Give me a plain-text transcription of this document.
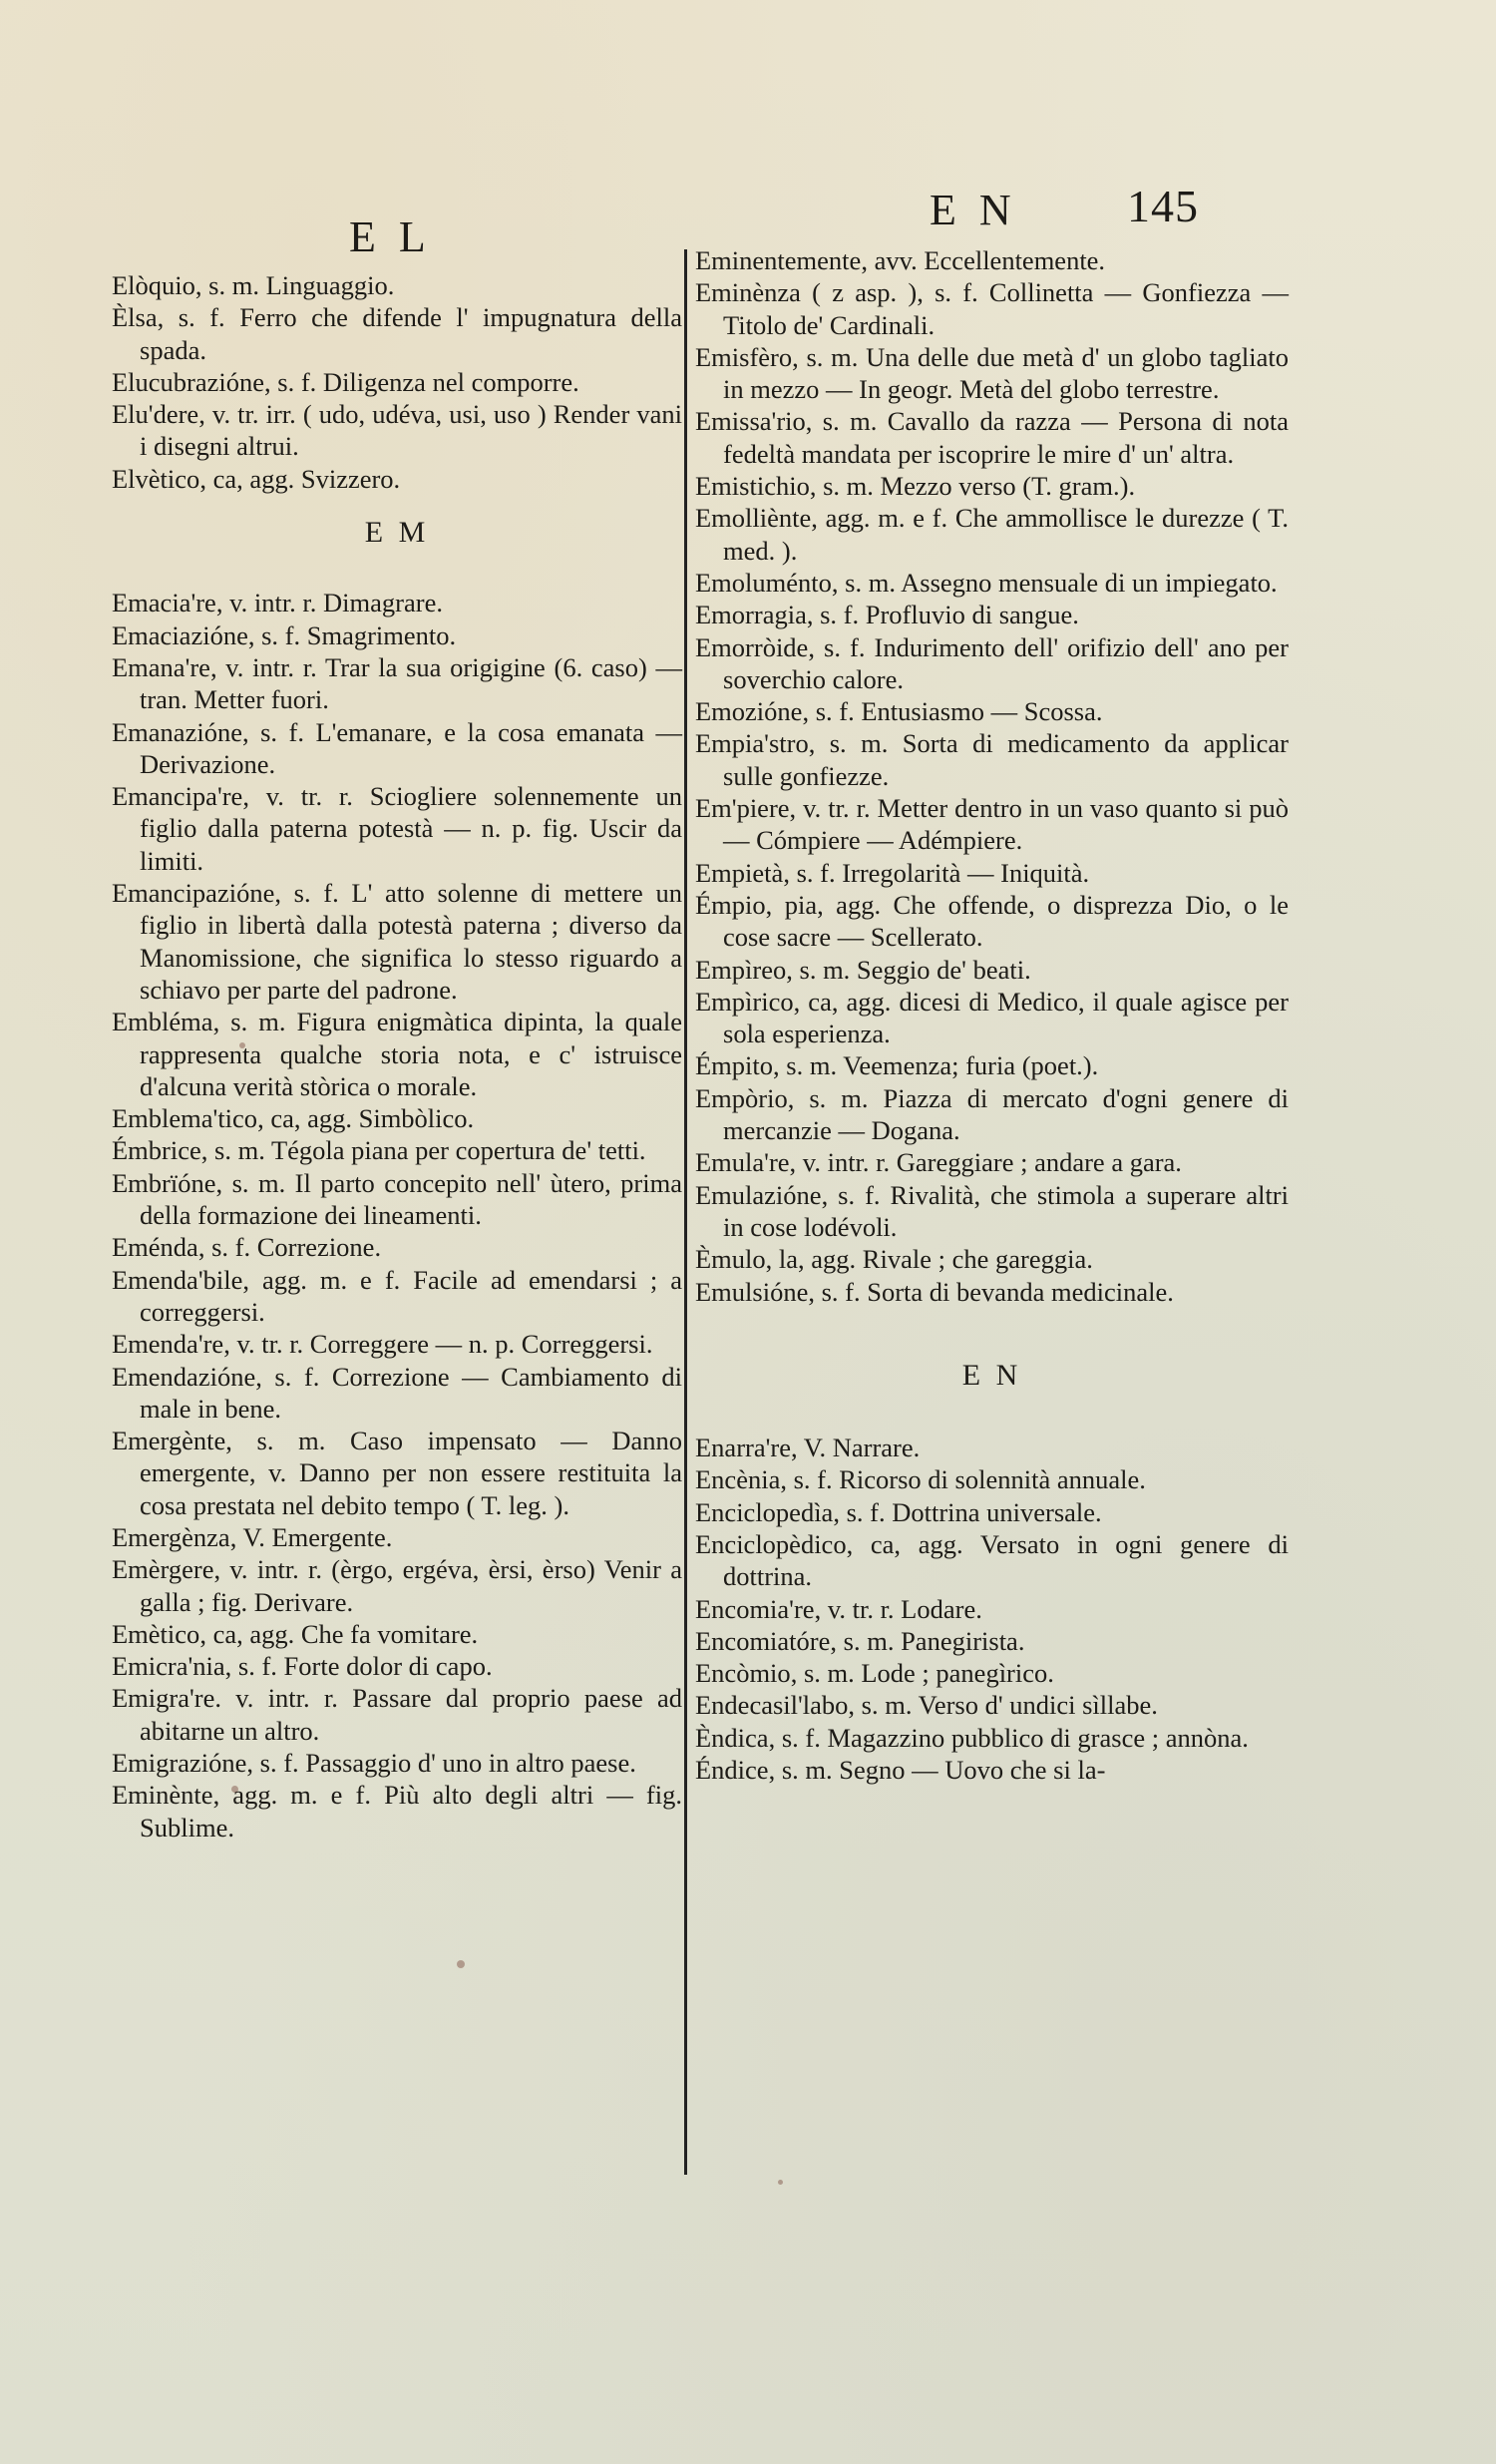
E L
E N 145

Elòquio, s. m. Linguaggio.

Èlsa, s. f. Ferro che difende l' impugnatura della spada.

Elucubrazióne, s. f. Diligenza nel comporre.

Elu'dere, v. tr. irr. ( udo, udéva, usi, uso ) Render vani i disegni altrui.

Elvètico, ca, agg. Svizzero.

E M

Emacia're, v. intr. r. Dimagrare.

Emaciazióne, s. f. Smagrimento.

Emana're, v. intr. r. Trar la sua origigine (6. caso) — tran. Metter fuori.

Emanazióne, s. f. L'emanare, e la cosa emanata — Derivazione.

Emancipa're, v. tr. r. Sciogliere solennemente un figlio dalla paterna potestà — n. p. fig. Uscir da limiti.

Emancipazióne, s. f. L' atto solenne di mettere un figlio in libertà dalla potestà paterna ; diverso da Manomissione, che significa lo stesso riguardo a schiavo per parte del padrone.

Embléma, s. m. Figura enigmàtica dipinta, la quale rappresenta qualche storia nota, e c' istruisce d'alcuna verità stòrica o morale.

Emblema'tico, ca, agg. Simbòlico.

Émbrice, s. m. Tégola piana per copertura de' tetti.

Embrïóne, s. m. Il parto concepito nell' ùtero, prima della formazione dei lineamenti.

Eménda, s. f. Correzione.

Emenda'bile, agg. m. e f. Facile ad emendarsi ; a correggersi.

Emenda're, v. tr. r. Correggere — n. p. Correggersi.

Emendazióne, s. f. Correzione — Cambiamento di male in bene.

Emergènte, s. m. Caso impensato — Danno emergente, v. Danno per non essere restituita la cosa prestata nel debito tempo ( T. leg. ).

Emergènza, V. Emergente.

Emèrgere, v. intr. r. (èrgo, ergéva, èrsi, èrso) Venir a galla ; fig. Derivare.

Emètico, ca, agg. Che fa vomitare.

Emicra'nia, s. f. Forte dolor di capo.

Emigra're. v. intr. r. Passare dal proprio paese ad abitarne un altro.

Emigrazióne, s. f. Passaggio d' uno in altro paese.

Eminènte, agg. m. e f. Più alto degli altri — fig. Sublime.

Eminentemente, avv. Eccellentemente.

Eminènza ( z asp. ), s. f. Collinetta — Gonfiezza — Titolo de' Cardinali.

Emisfèro, s. m. Una delle due metà d' un globo tagliato in mezzo — In geogr. Metà del globo terrestre.

Emissa'rio, s. m. Cavallo da razza — Persona di nota fedeltà mandata per iscoprire le mire d' un' altra.

Emistichio, s. m. Mezzo verso (T. gram.).

Emolliènte, agg. m. e f. Che ammollisce le durezze ( T. med. ).

Emoluménto, s. m. Assegno mensuale di un impiegato.

Emorragia, s. f. Profluvio di sangue.

Emorròide, s. f. Indurimento dell' orifizio dell' ano per soverchio calore.

Emozióne, s. f. Entusiasmo — Scossa.

Empia'stro, s. m. Sorta di medicamento da applicar sulle gonfiezze.

Em'piere, v. tr. r. Metter dentro in un vaso quanto si può — Cómpiere — Adémpiere.

Empietà, s. f. Irregolarità — Iniquità.

Émpio, pia, agg. Che offende, o disprezza Dio, o le cose sacre — Scellerato.

Empìreo, s. m. Seggio de' beati.

Empìrico, ca, agg. dicesi di Medico, il quale agisce per sola esperienza.

Émpito, s. m. Veemenza; furia (poet.).

Empòrio, s. m. Piazza di mercato d'ogni genere di mercanzie — Dogana.

Emula're, v. intr. r. Gareggiare ; andare a gara.

Emulazióne, s. f. Rivalità, che stimola a superare altri in cose lodévoli.

Èmulo, la, agg. Rivale ; che gareggia.

Emulsióne, s. f. Sorta di bevanda medicinale.

E N

Enarra're, V. Narrare.

Encènia, s. f. Ricorso di solennità annuale.

Enciclopedìa, s. f. Dottrina universale.

Enciclopèdico, ca, agg. Versato in ogni genere di dottrina.

Encomia're, v. tr. r. Lodare.

Encomiatóre, s. m. Panegirista.

Encòmio, s. m. Lode ; panegìrico.

Endecasil'labo, s. m. Verso d' undici sìllabe.

Èndica, s. f. Magazzino pubblico di grasce ; annòna.

Éndice, s. m. Segno — Uovo che si la-
